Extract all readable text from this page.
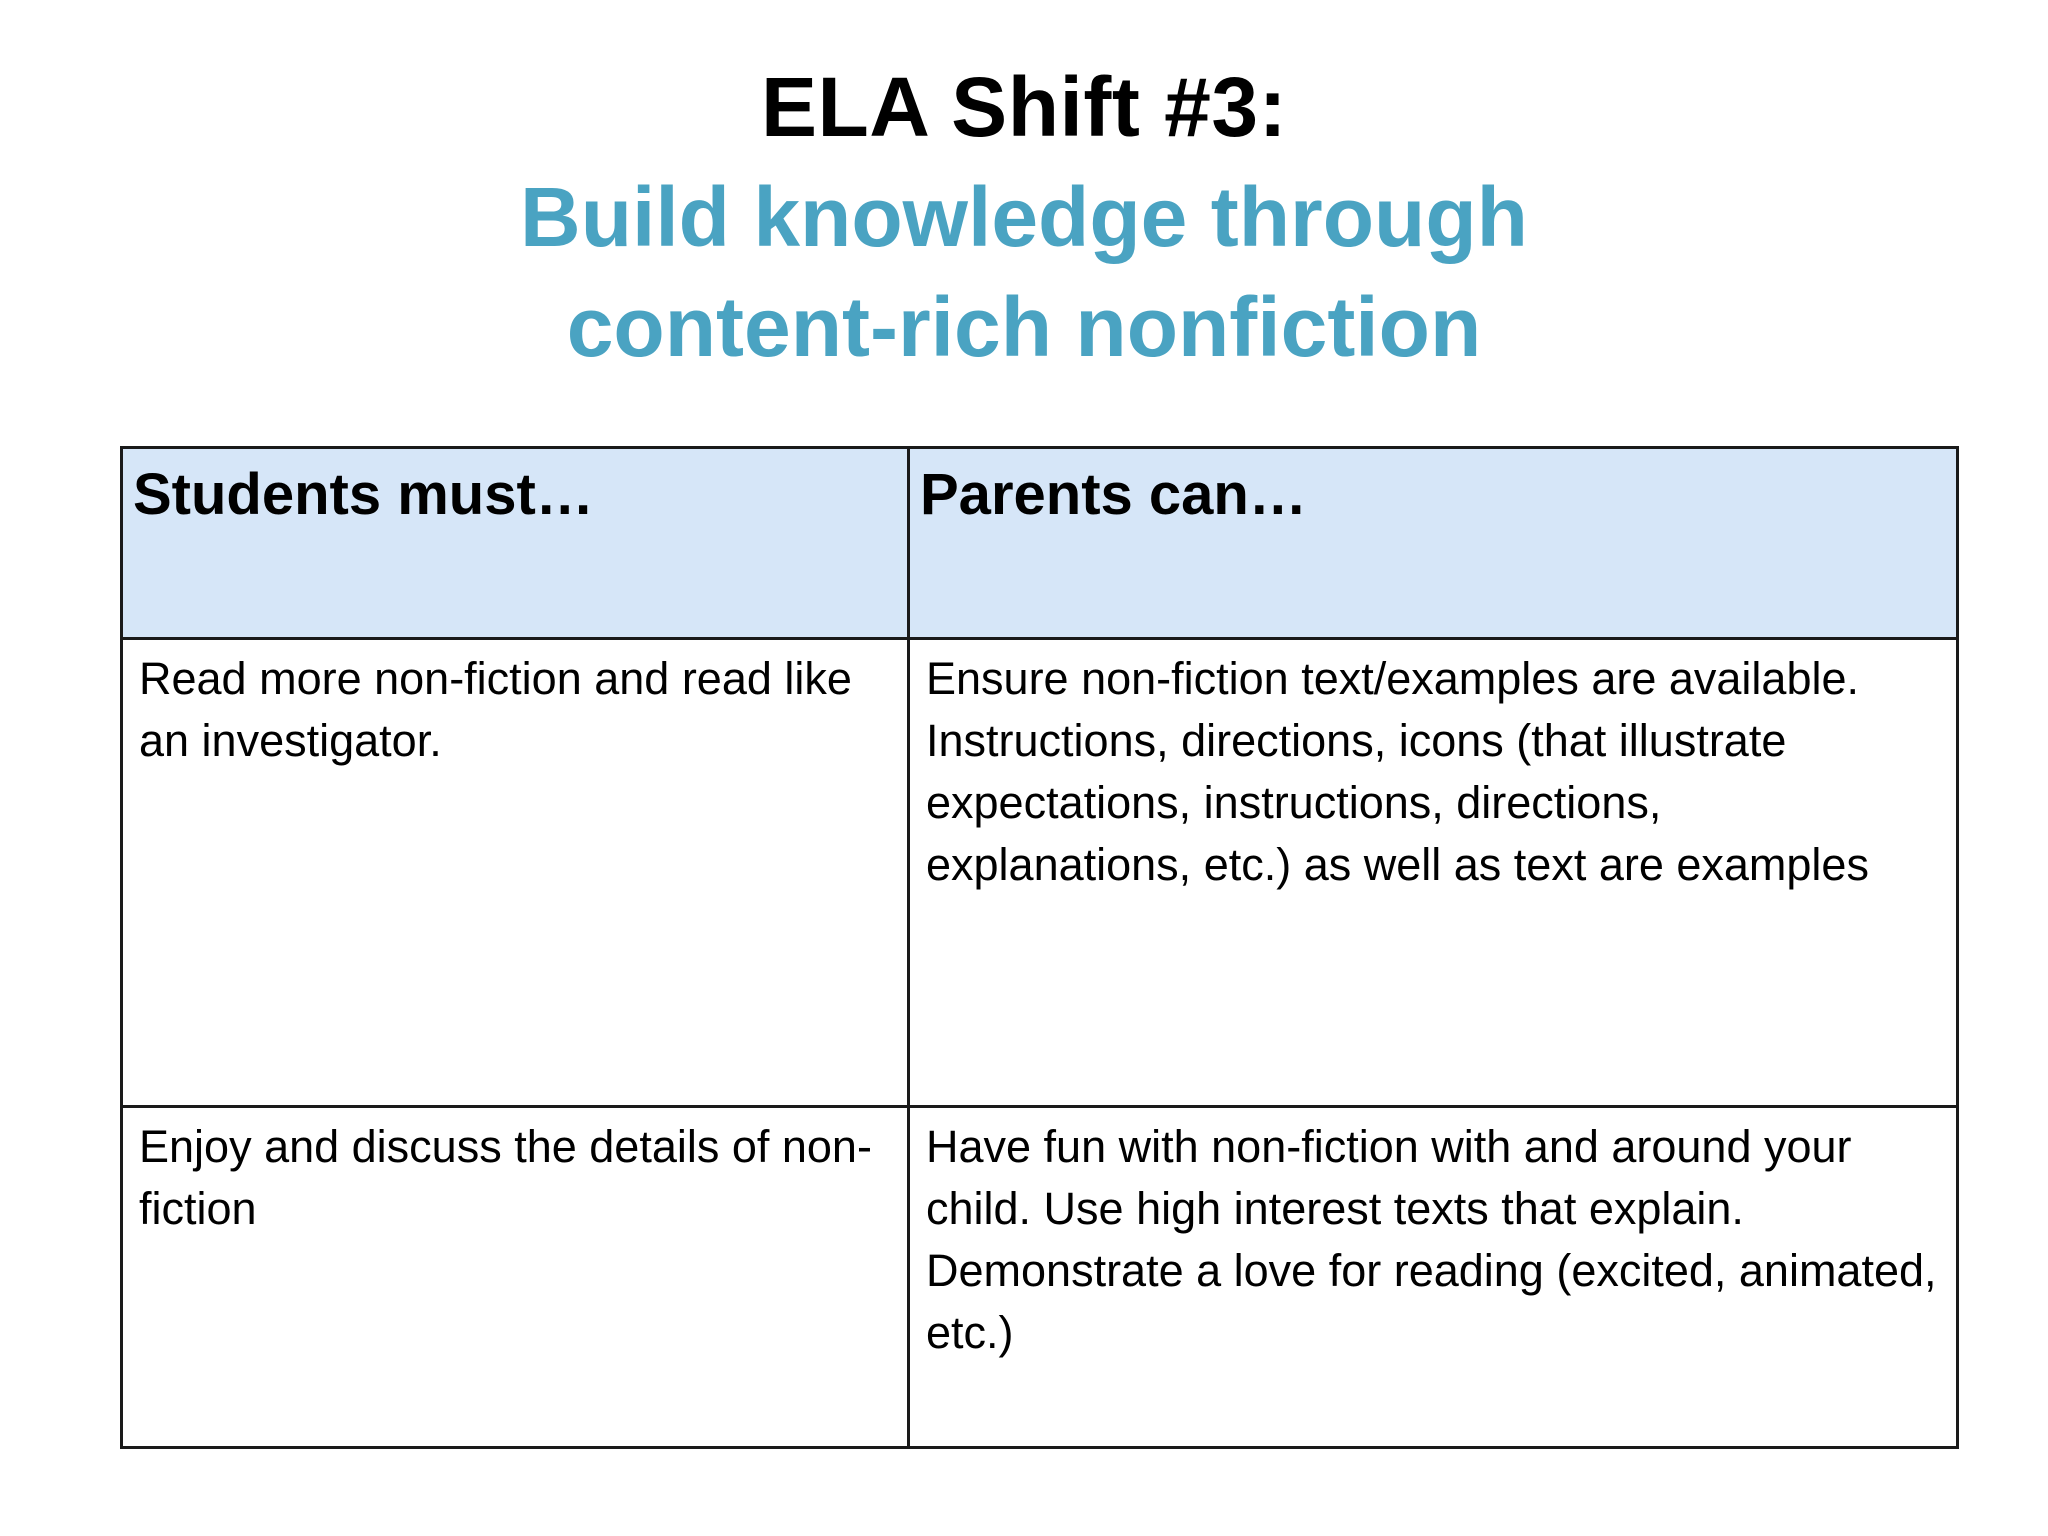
ELA Shift #3:
Build knowledge through
content-rich nonfiction
Students must…	Parents can…
Read more non-fiction and read like an investigator.	Ensure non-fiction text/examples are available. Instructions, directions, icons (that illustrate expectations, instructions, directions, explanations, etc.) as well as text are examples
Enjoy and discuss the details of non-fiction	Have fun with non-fiction with and around your child. Use high interest texts that explain. Demonstrate a love for reading (excited, animated, etc.)
